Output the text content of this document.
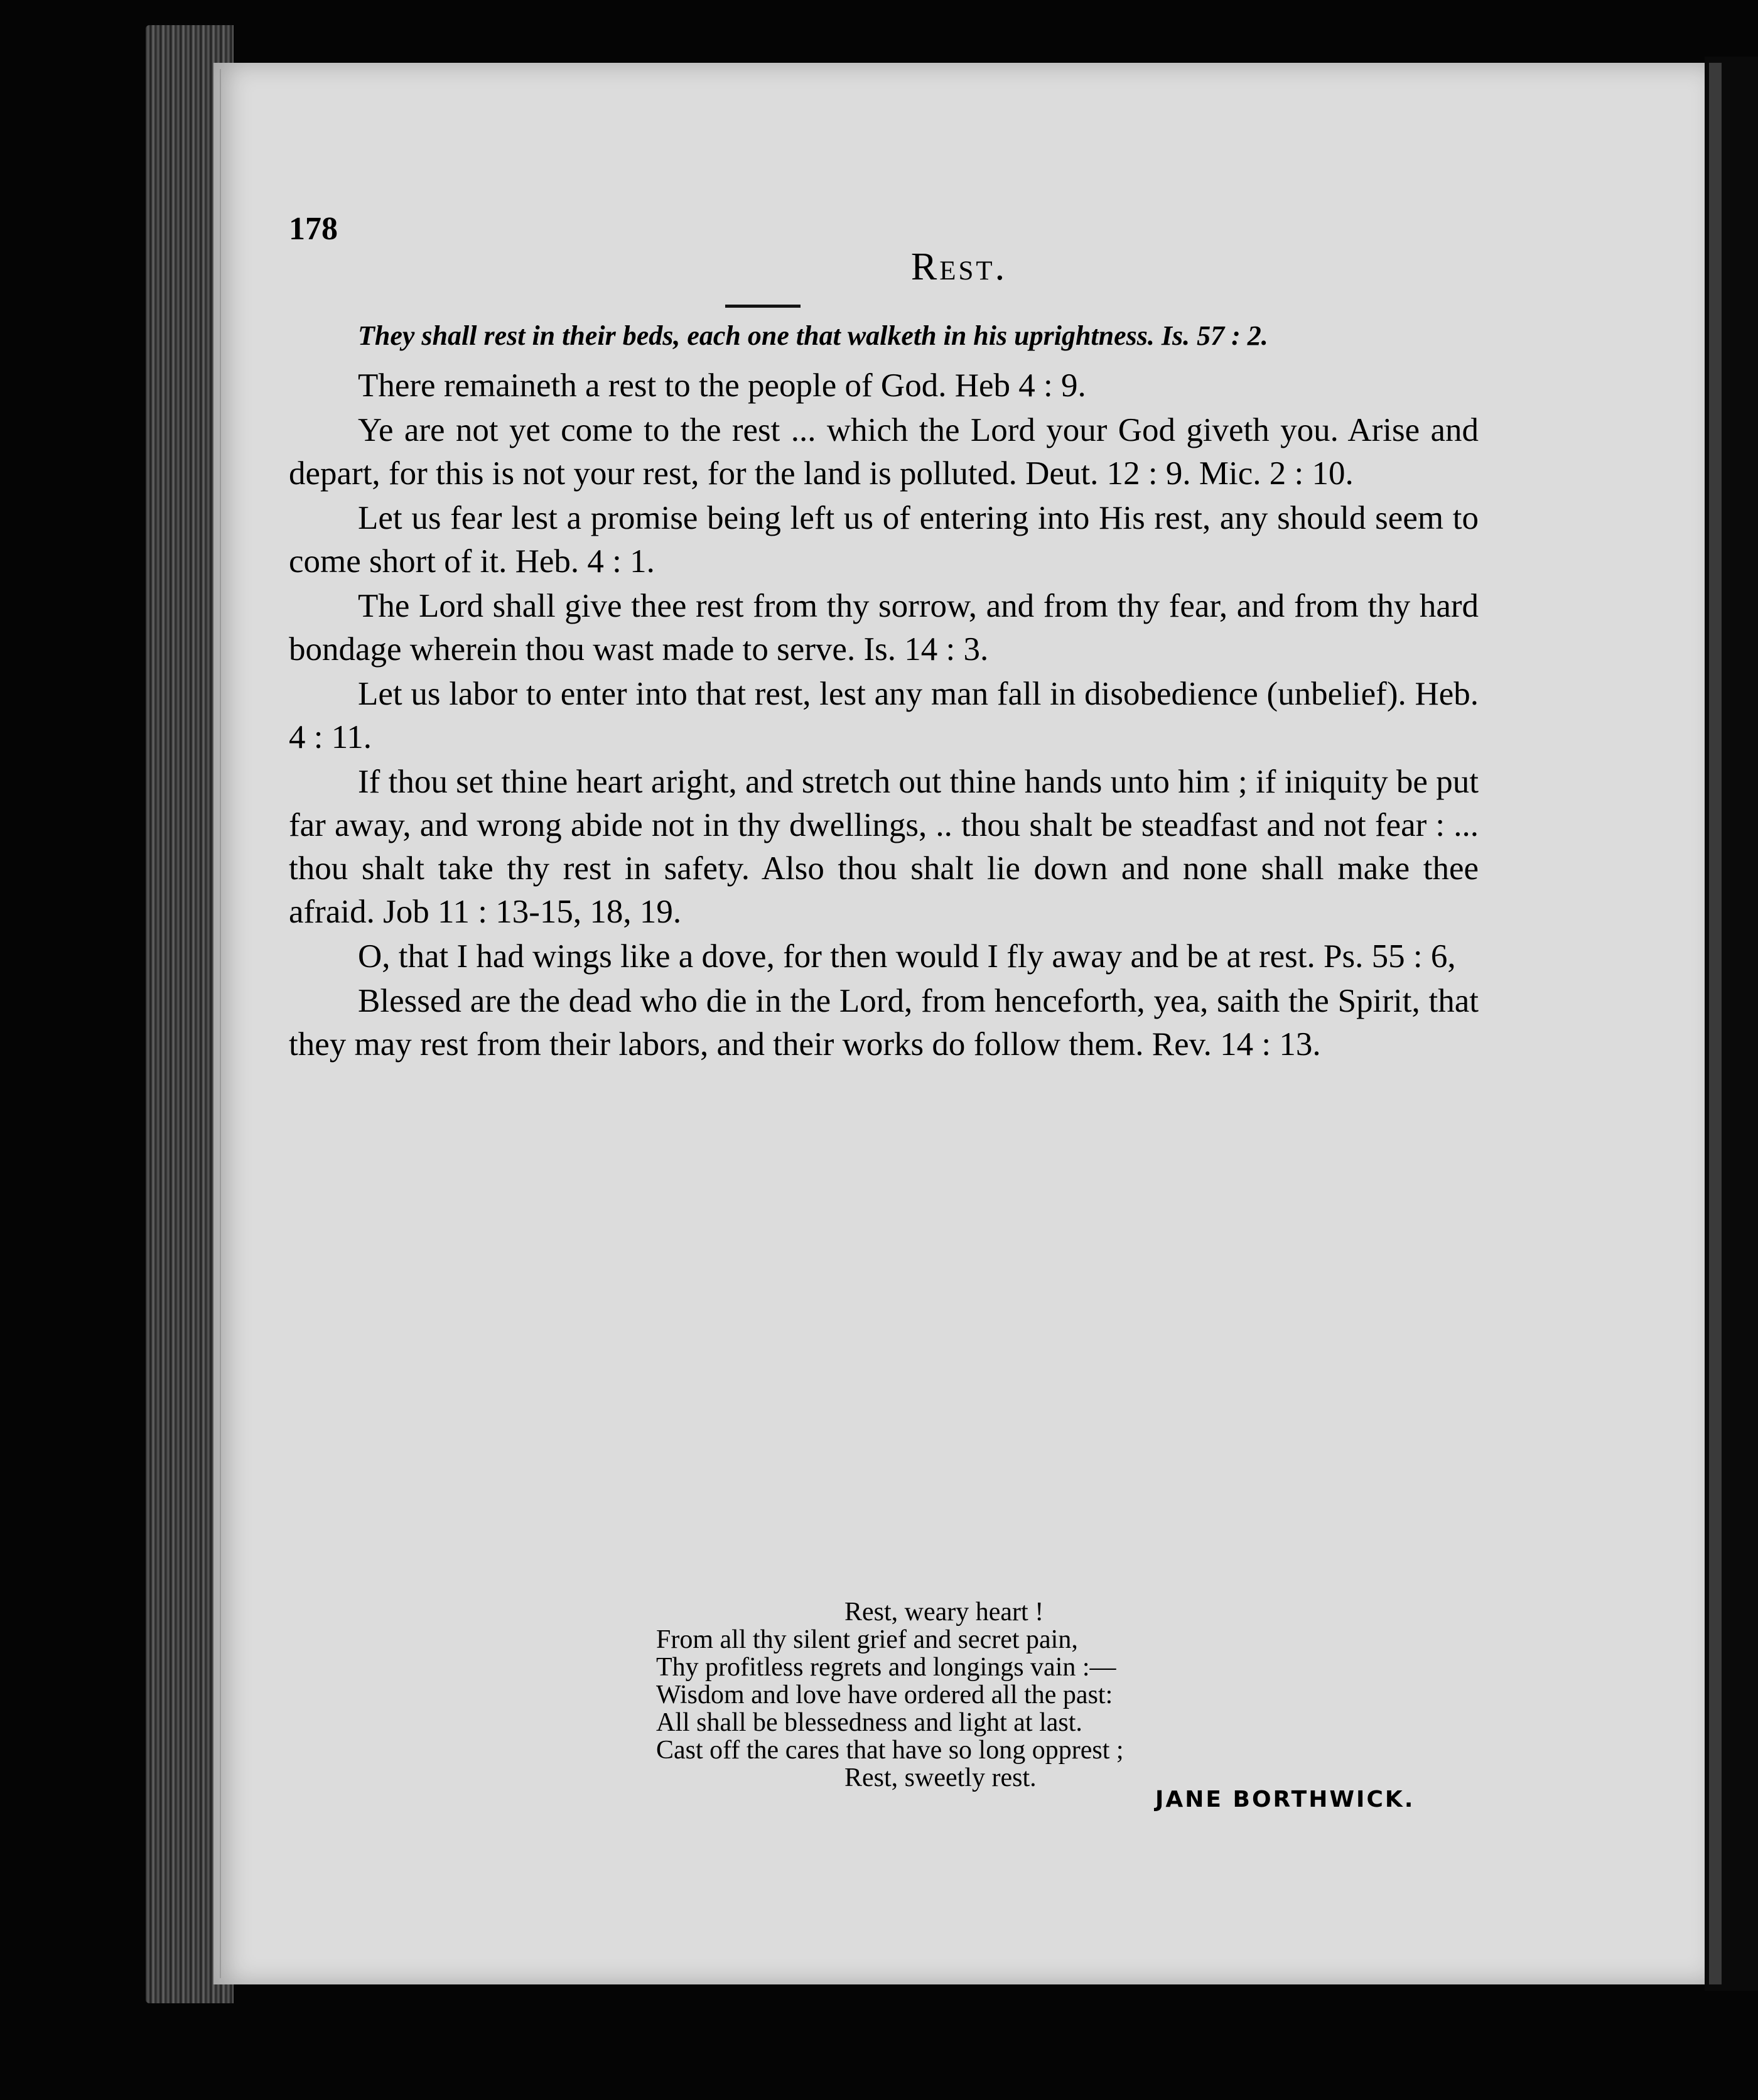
178
Rest.

They shall rest in their beds, each one that walketh in his uprightness. Is. 57 : 2.

There remaineth a rest to the people of God. Heb 4 : 9.

Ye are not yet come to the rest ... which the Lord your God giveth you. Arise and depart, for this is not your rest, for the land is polluted. Deut. 12 : 9. Mic. 2 : 10.

Let us fear lest a promise being left us of entering into His rest, any should seem to come short of it. Heb. 4 : 1.

The Lord shall give thee rest from thy sorrow, and from thy fear, and from thy hard bondage wherein thou wast made to serve. Is. 14 : 3.

Let us labor to enter into that rest, lest any man fall in disobedience (unbelief). Heb. 4 : 11.

If thou set thine heart aright, and stretch out thine hands unto him ; if iniquity be put far away, and wrong abide not in thy dwellings, .. thou shalt be steadfast and not fear : ... thou shalt take thy rest in safety. Also thou shalt lie down and none shall make thee afraid. Job 11 : 13-15, 18, 19.

O, that I had wings like a dove, for then would I fly away and be at rest. Ps. 55 : 6,

Blessed are the dead who die in the Lord, from henceforth, yea, saith the Spirit, that they may rest from their labors, and their works do follow them. Rev. 14 : 13.

Rest, weary heart !
From all thy silent grief and secret pain,
Thy profitless regrets and longings vain :—
Wisdom and love have ordered all the past:
All shall be blessedness and light at last.
Cast off the cares that have so long opprest ;
Rest, sweetly rest.
JANE BORTHWICK.
